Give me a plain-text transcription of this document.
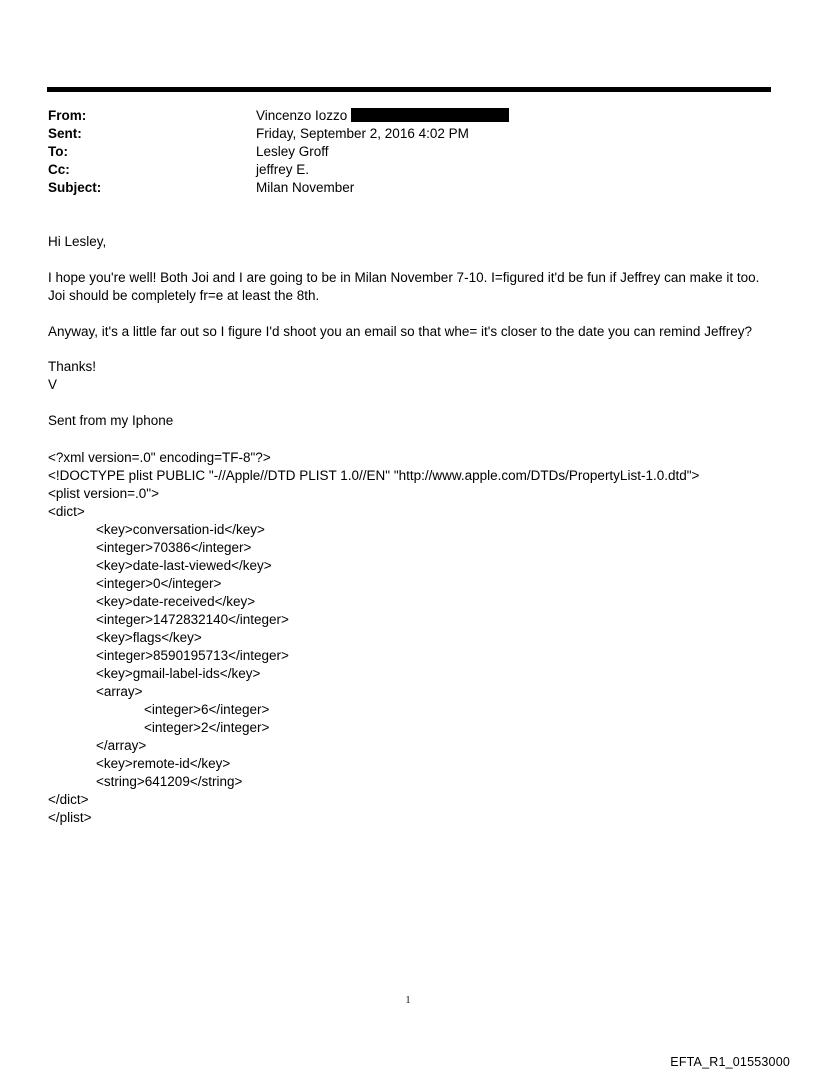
From:	Vincenzo Iozzo
Sent:	Friday, September 2, 2016 4:02 PM
To:	Lesley Groff
Cc:	jeffrey E.
Subject:	Milan November
Hi Lesley,
I hope you're well! Both Joi and I are going to be in Milan November 7-10. I=figured it'd be fun if Jeffrey can make it too.
Joi should be completely fr=e at least the 8th.
Anyway, it's a little far out so I figure I'd shoot you an email so that whe= it's closer to the date you can remind Jeffrey?
Thanks!
V
Sent from my Iphone
<?xml version=.0" encoding=TF-8"?>
<!DOCTYPE plist PUBLIC "-//Apple//DTD PLIST 1.0//EN" "http://www.apple.com/DTDs/PropertyList-1.0.dtd">
<plist version=.0">
<dict>
<key>conversation-id</key>
<integer>70386</integer>
<key>date-last-viewed</key>
<integer>0</integer>
<key>date-received</key>
<integer>1472832140</integer>
<key>flags</key>
<integer>8590195713</integer>
<key>gmail-label-ids</key>
<array>
<integer>6</integer>
<integer>2</integer>
</array>
<key>remote-id</key>
<string>641209</string>
</dict>
</plist>
1
EFTA_R1_01553000
